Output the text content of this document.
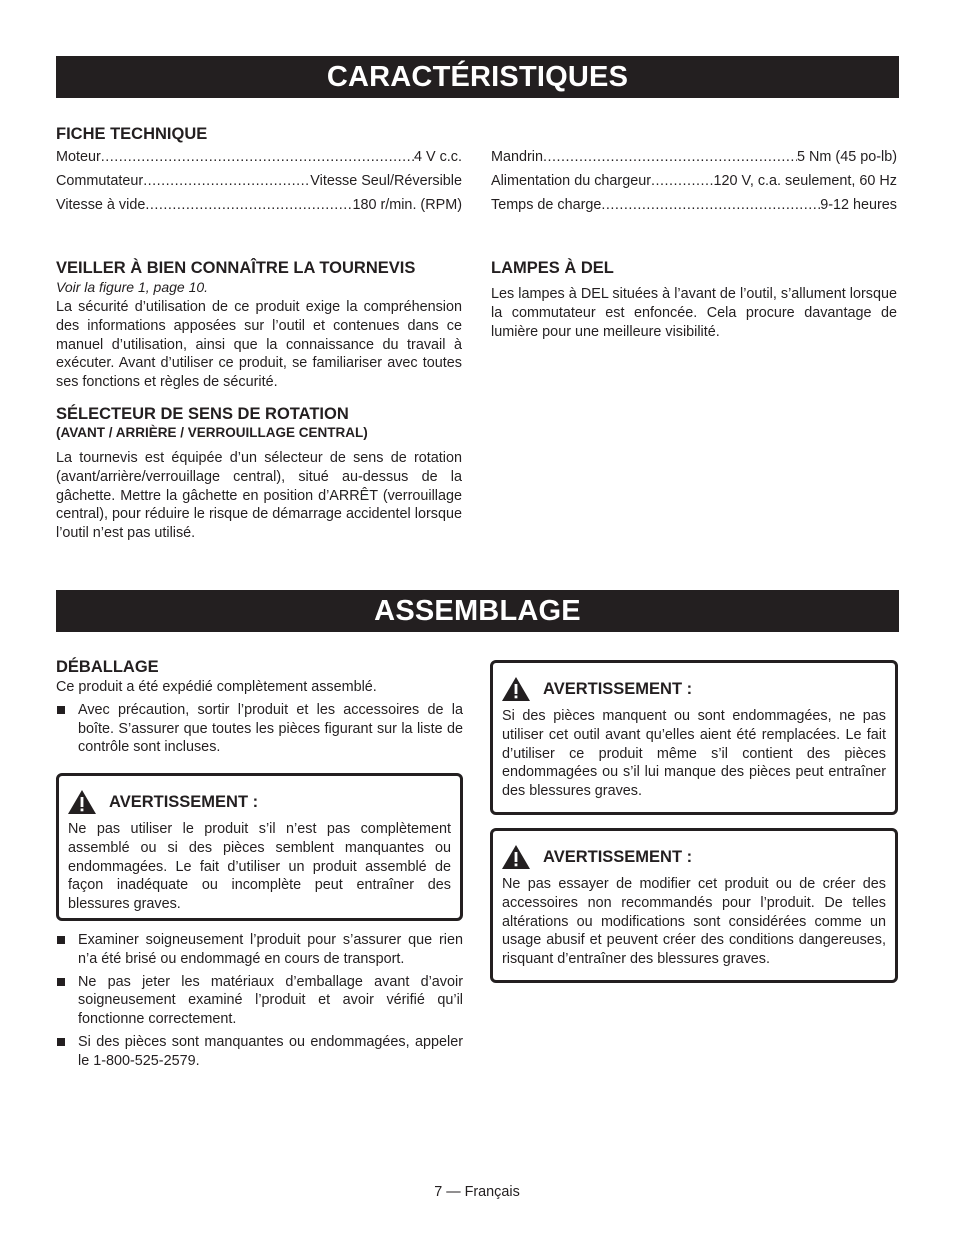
CARACTÉRISTIQUES
FICHE TECHNIQUE
Moteur .....	4 V c.c.
Commutateur .....	Vitesse Seul/Réversible
Vitesse à vide .....	180 r/min. (RPM)
Mandrin .....	5 Nm (45 po-lb)
Alimentation du chargeur .....	120 V, c.a. seulement, 60 Hz
Temps de charge .....	9-12 heures
VEILLER À BIEN CONNAÎTRE LA TOURNEVIS

Voir la figure 1, page 10.

La sécurité d’utilisation de ce produit exige la compréhension des informations apposées sur l’outil et contenues dans ce manuel d’utilisation, ainsi que la connaissance du travail à exécuter. Avant d’utiliser ce produit, se familiariser avec toutes ses fonctions et règles de sécurité.

SÉLECTEUR DE SENS DE ROTATION

(AVANT / ARRIÈRE / VERROUILLAGE CENTRAL)

La tournevis est équipée d’un sélecteur de sens de rotation (avant/arrière/verrouillage central), situé au-dessus de la gâchette. Mettre la gâchette en position d’ARRÊT (verrouillage central), pour réduire le risque de démarrage accidentel lorsque l’outil n’est pas utilisé.

LAMPES À DEL

Les lampes à DEL situées à l’avant de l’outil, s’allument lorsque la commutateur est enfoncée. Cela procure davantage de lumière pour une meilleure visibilité.

ASSEMBLAGE
DÉBALLAGE

Ce produit a été expédié complètement assemblé.

Avec précaution, sortir l’produit et les accessoires de la boîte. S’assurer que toutes les pièces figurant sur la liste de contrôle sont incluses.
AVERTISSEMENT :

Ne pas utiliser le produit s’il n’est pas complètement assemblé ou si des pièces semblent manquantes ou endommagées. Le fait d’utiliser un produit assemblé de façon inadéquate ou incomplète peut entraîner des blessures graves.

Examiner soigneusement l’produit pour s’assurer que rien n’a été brisé ou endommagé en cours de transport.
Ne pas jeter les matériaux d’emballage avant d’avoir soigneusement examiné l’produit et avoir vérifié qu’il fonctionne correctement.
Si des pièces sont manquantes ou endommagées, appeler le 1-800-525-2579.
AVERTISSEMENT :

Si des pièces manquent ou sont endommagées, ne pas utiliser cet outil avant qu’elles aient été remplacées. Le fait d’utiliser ce produit même s’il contient des pièces endommagées ou s’il lui manque des pièces peut entraîner des blessures graves.

AVERTISSEMENT :

Ne pas essayer de modifier cet produit ou de créer des accessoires non recommandés pour l’produit. De telles altérations ou modifications sont considérées comme un usage abusif et peuvent créer des conditions dangereuses, risquant d’entraîner des blessures graves.

7 — Français
